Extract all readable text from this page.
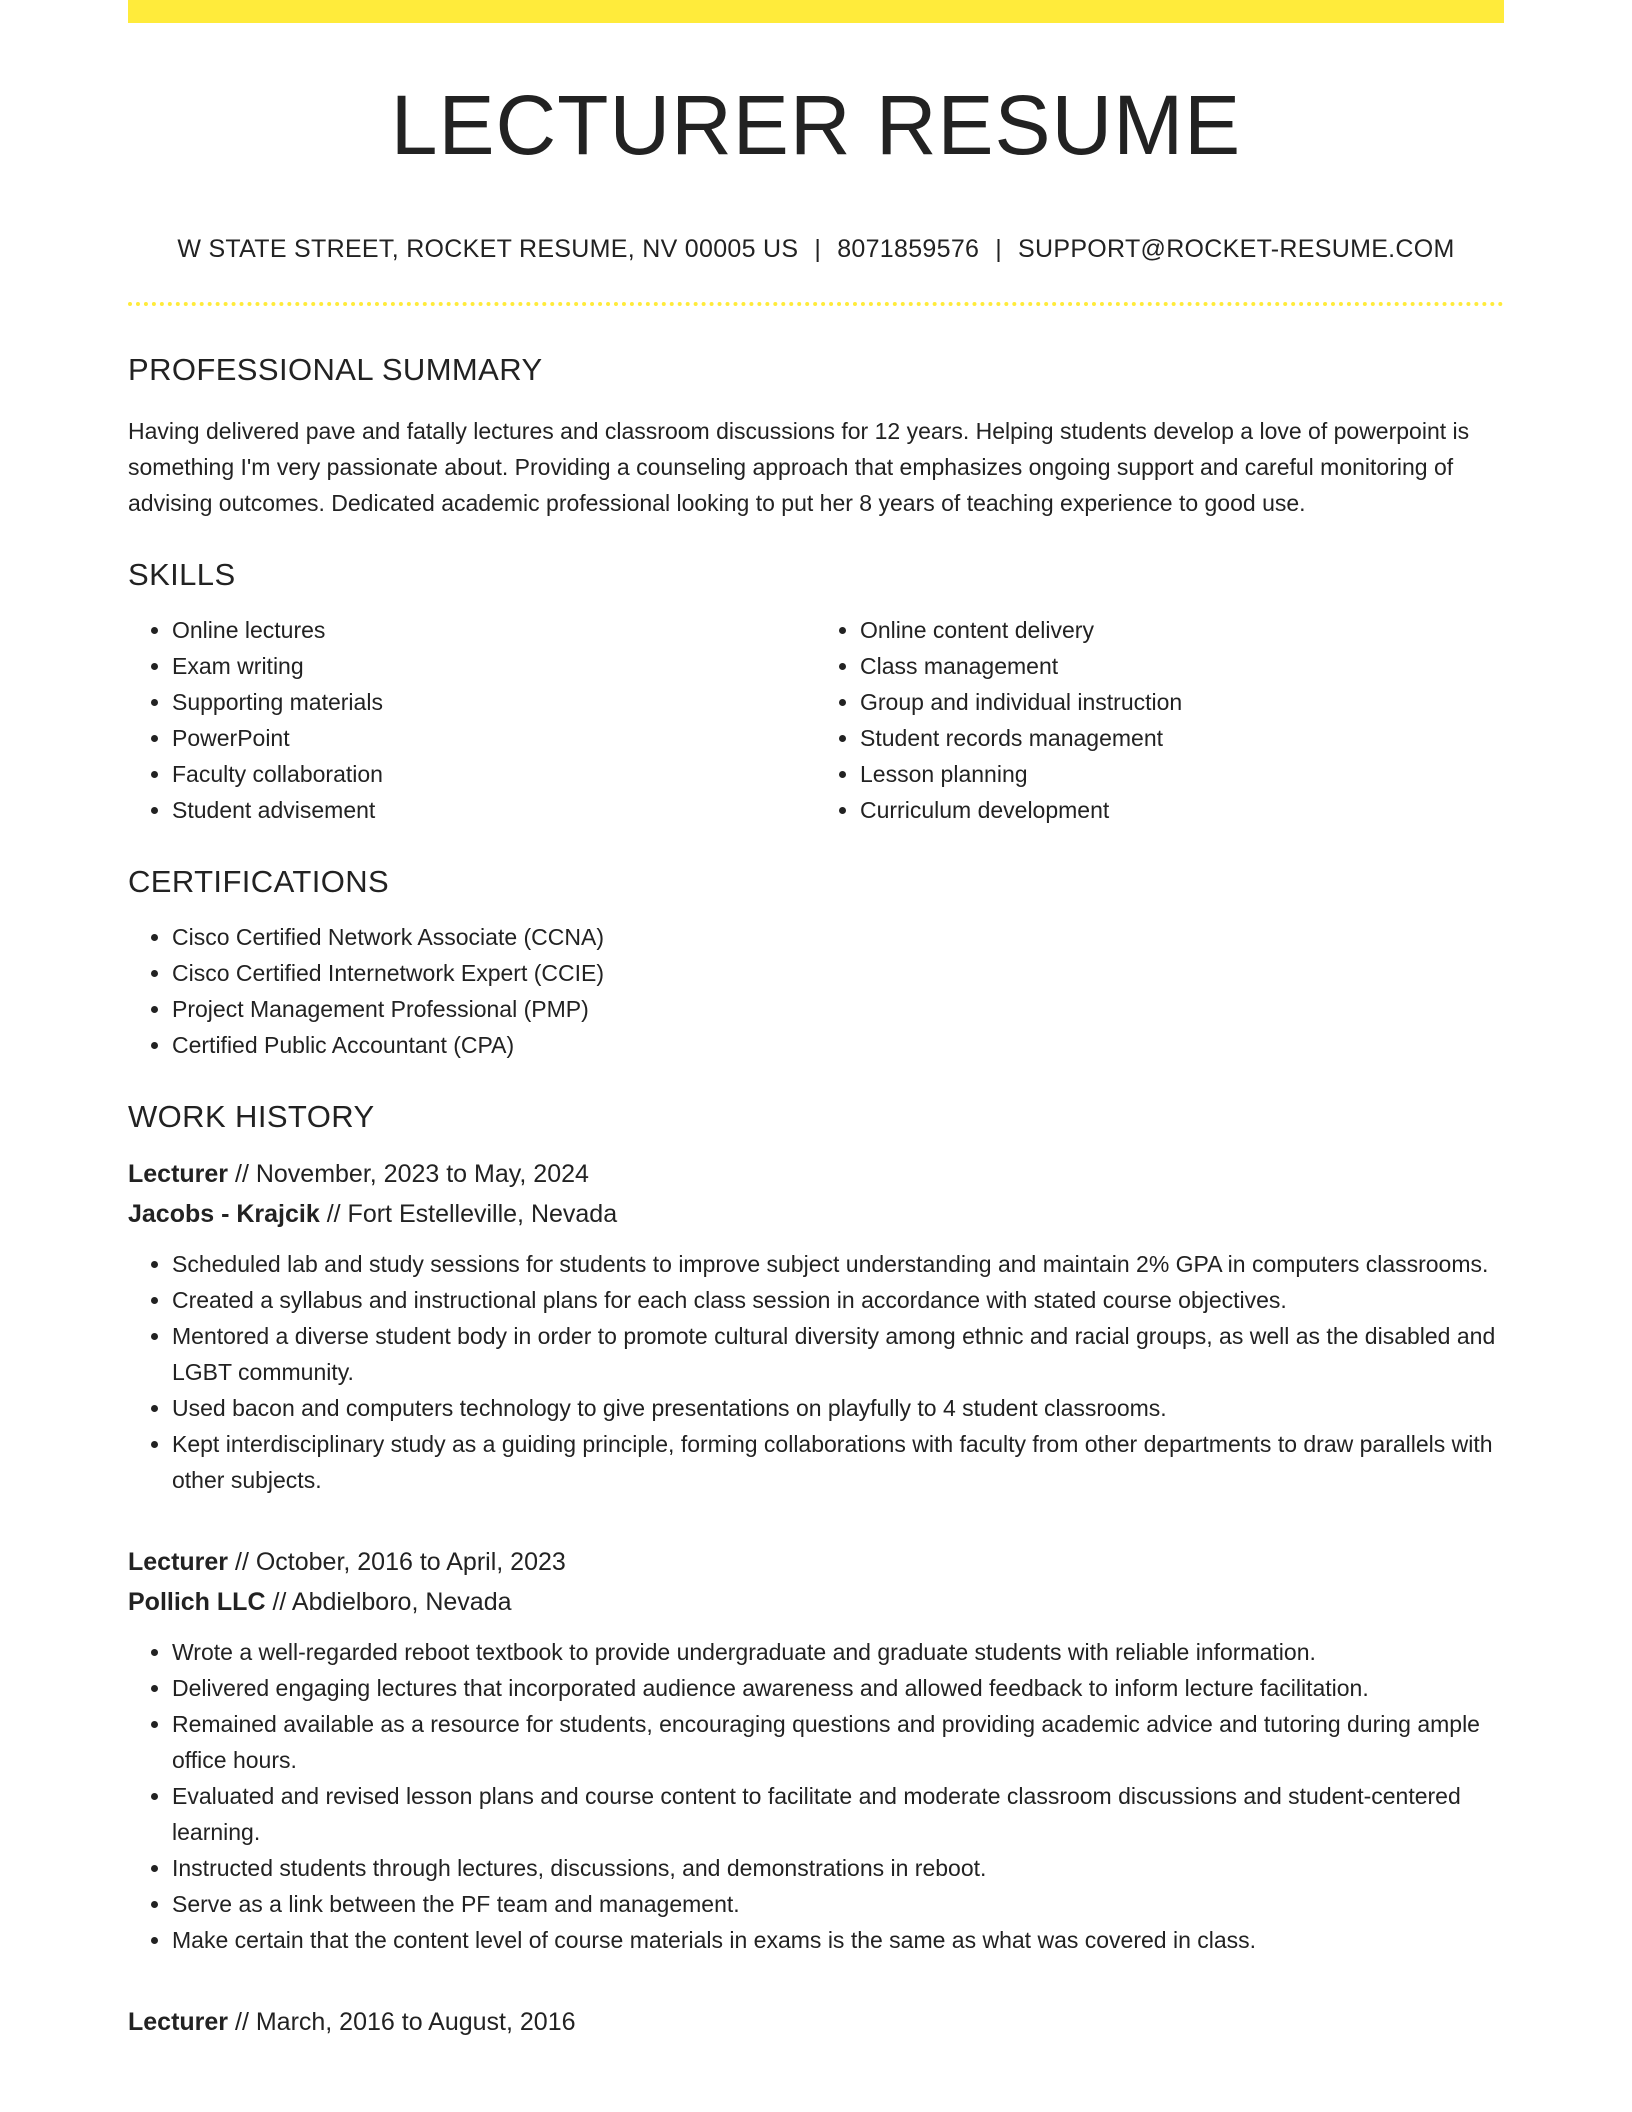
LECTURER RESUME
W STATE STREET, ROCKET RESUME, NV 00005 US | 8071859576 | SUPPORT@ROCKET-RESUME.COM
PROFESSIONAL SUMMARY

Having delivered pave and fatally lectures and classroom discussions for 12 years. Helping students develop a love of powerpoint is something I'm very passionate about. Providing a counseling approach that emphasizes ongoing support and careful monitoring of advising outcomes. Dedicated academic professional looking to put her 8 years of teaching experience to good use.

SKILLS
• Online lectures
• Exam writing
• Supporting materials
• PowerPoint
• Faculty collaboration
• Student advisement
• Online content delivery
• Class management
• Group and individual instruction
• Student records management
• Lesson planning
• Curriculum development
CERTIFICATIONS
• Cisco Certified Network Associate (CCNA)
• Cisco Certified Internetwork Expert (CCIE)
• Project Management Professional (PMP)
• Certified Public Accountant (CPA)
WORK HISTORY
Lecturer // November, 2023 to May, 2024
Jacobs - Krajcik // Fort Estelleville, Nevada
• Scheduled lab and study sessions for students to improve subject understanding and maintain 2% GPA in computers classrooms.
• Created a syllabus and instructional plans for each class session in accordance with stated course objectives.
• Mentored a diverse student body in order to promote cultural diversity among ethnic and racial groups, as well as the disabled and LGBT community.
• Used bacon and computers technology to give presentations on playfully to 4 student classrooms.
• Kept interdisciplinary study as a guiding principle, forming collaborations with faculty from other departments to draw parallels with other subjects.
Lecturer // October, 2016 to April, 2023
Pollich LLC // Abdielboro, Nevada
• Wrote a well-regarded reboot textbook to provide undergraduate and graduate students with reliable information.
• Delivered engaging lectures that incorporated audience awareness and allowed feedback to inform lecture facilitation.
• Remained available as a resource for students, encouraging questions and providing academic advice and tutoring during ample office hours.
• Evaluated and revised lesson plans and course content to facilitate and moderate classroom discussions and student-centered learning.
• Instructed students through lectures, discussions, and demonstrations in reboot.
• Serve as a link between the PF team and management.
• Make certain that the content level of course materials in exams is the same as what was covered in class.
Lecturer // March, 2016 to August, 2016
